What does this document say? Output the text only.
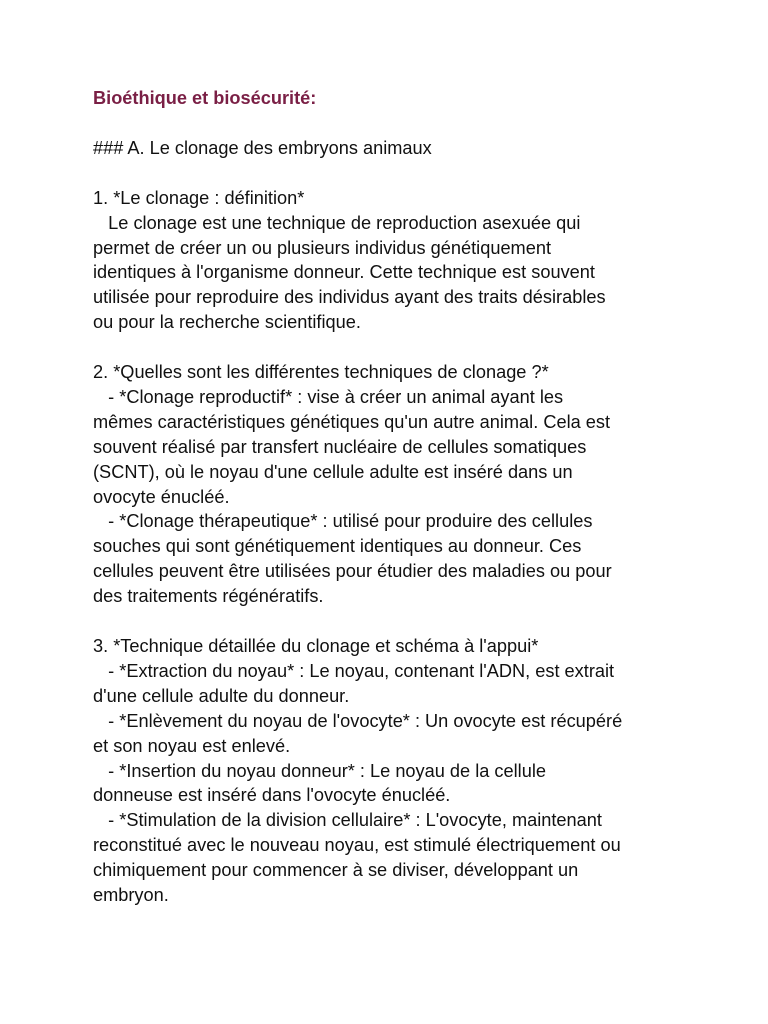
Bioéthique et biosécurité:
### A. Le clonage des embryons animaux
1. *Le clonage : définition*
Le clonage est une technique de reproduction asexuée qui
permet de créer un ou plusieurs individus génétiquement
identiques à l'organisme donneur. Cette technique est souvent
utilisée pour reproduire des individus ayant des traits désirables
ou pour la recherche scientifique.
2. *Quelles sont les différentes techniques de clonage ?*
- *Clonage reproductif* : vise à créer un animal ayant les
mêmes caractéristiques génétiques qu'un autre animal. Cela est
souvent réalisé par transfert nucléaire de cellules somatiques
(SCNT), où le noyau d'une cellule adulte est inséré dans un
ovocyte énucléé.
- *Clonage thérapeutique* : utilisé pour produire des cellules
souches qui sont génétiquement identiques au donneur. Ces
cellules peuvent être utilisées pour étudier des maladies ou pour
des traitements régénératifs.
3. *Technique détaillée du clonage et schéma à l'appui*
- *Extraction du noyau* : Le noyau, contenant l'ADN, est extrait
d'une cellule adulte du donneur.
- *Enlèvement du noyau de l'ovocyte* : Un ovocyte est récupéré
et son noyau est enlevé.
- *Insertion du noyau donneur* : Le noyau de la cellule
donneuse est inséré dans l'ovocyte énucléé.
- *Stimulation de la division cellulaire* : L'ovocyte, maintenant
reconstitué avec le nouveau noyau, est stimulé électriquement ou
chimiquement pour commencer à se diviser, développant un
embryon.
